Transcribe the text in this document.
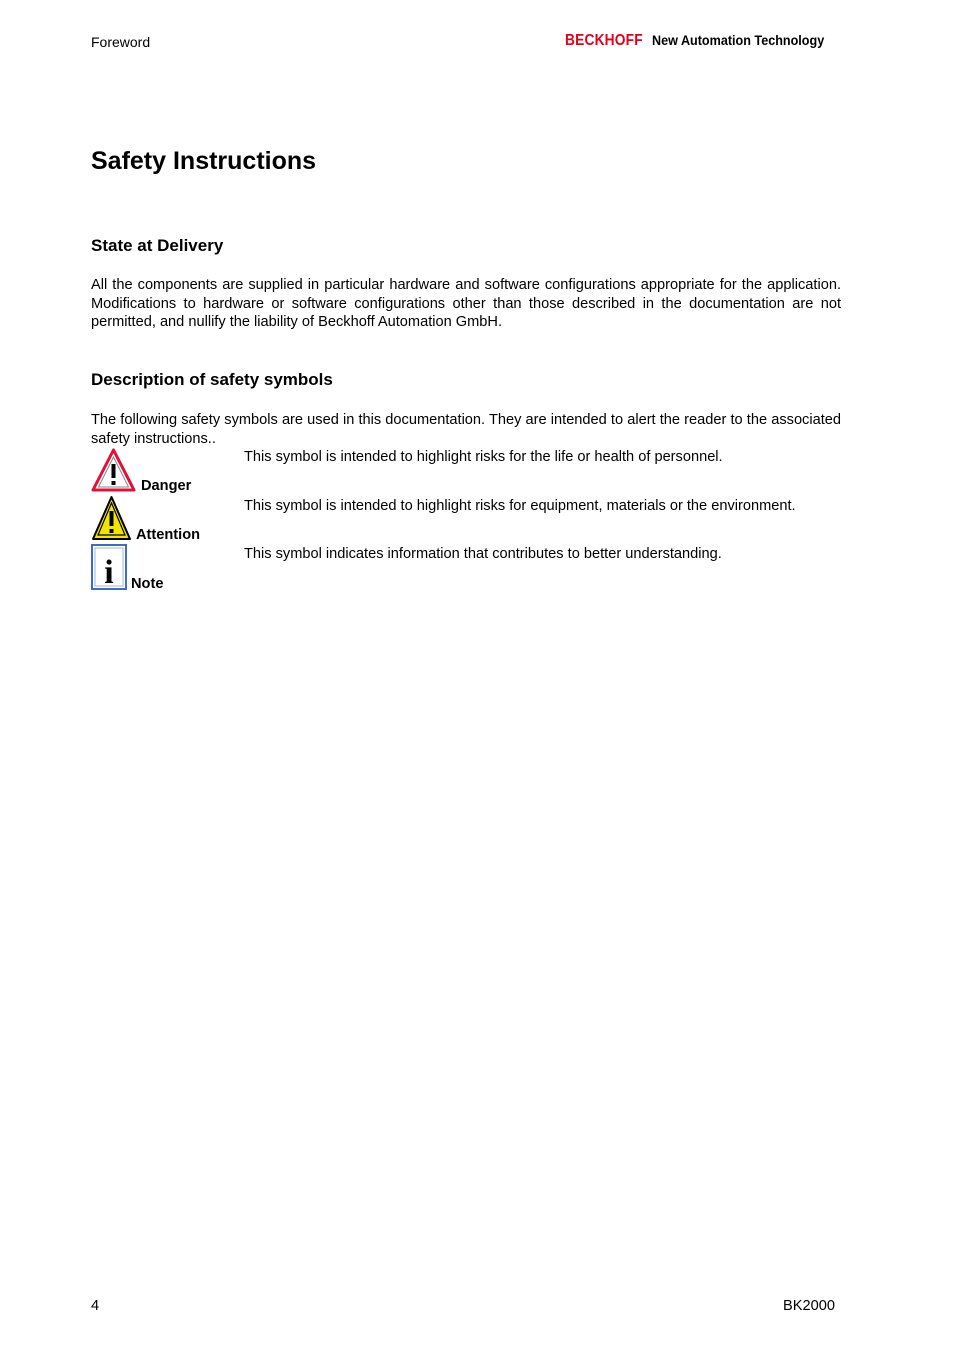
Foreword	BECKHOFF New Automation Technology
Safety Instructions
State at Delivery

All the components are supplied in particular hardware and software configurations appropriate for the application. Modifications to hardware or software configurations other than those described in the documentation are not permitted, and nullify the liability of Beckhoff Automation GmbH.

Description of safety symbols

The following safety symbols are used in this documentation. They are intended to alert the reader to the associated safety instructions..

Danger

This symbol is intended to highlight risks for the life or health of personnel.

Attention

This symbol is intended to highlight risks for equipment, materials or the environment.

i Note

This symbol indicates information that contributes to better understanding.

4	BK2000
